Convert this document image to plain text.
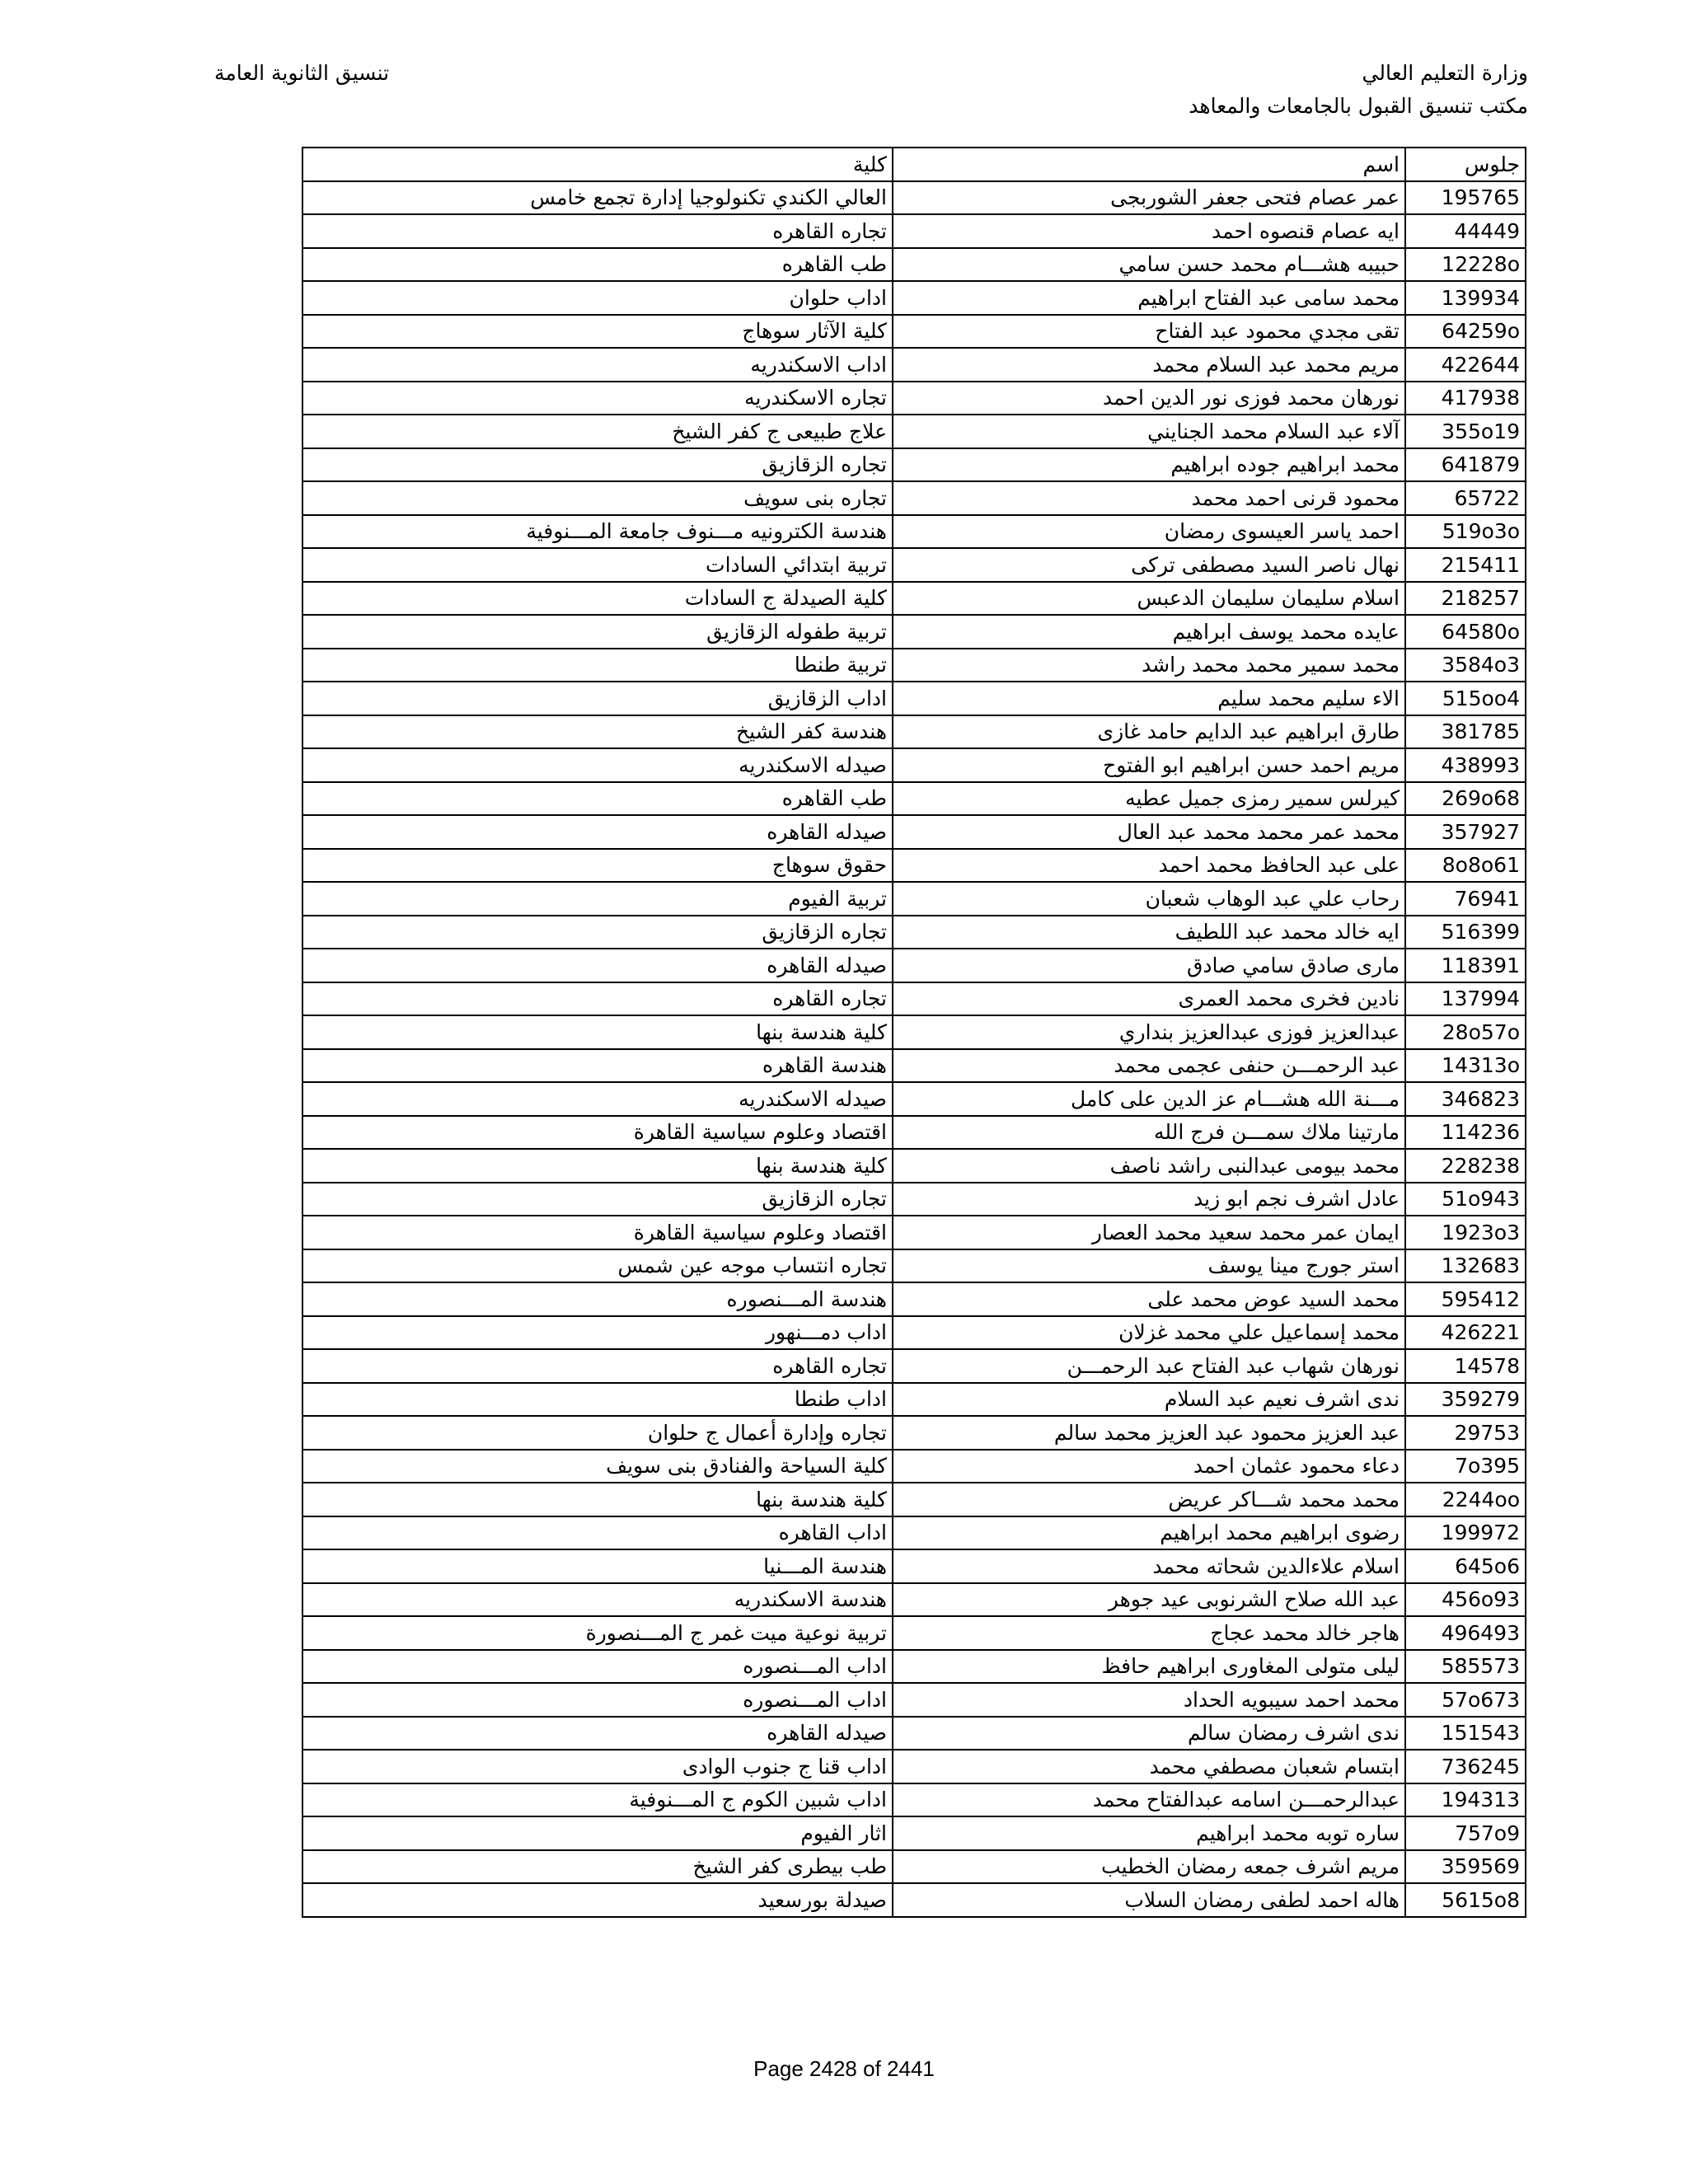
وزارة التعليم العالي
مكتب تنسيق القبول بالجامعات والمعاهد
تنسيق الثانوية العامة
جلوس	اسم	كلية
195765	عمر عصام فتحى جعفر الشوربجى	العالي الكندي تكنولوجيا إدارة تجمع خامس
44449	ايه عصام قنصوه احمد	تجاره القاهره
12228o	حبيبه هشـــام محمد حسن سامي	طب القاهره
139934	محمد سامى عبد الفتاح ابراهيم	اداب حلوان
64259o	تقى مجدي محمود عبد الفتاح	كلية الآثار سوهاج
422644	مريم محمد عبد السلام محمد	اداب الاسكندريه
417938	نورهان محمد فوزى نور الدين احمد	تجاره الاسكندريه
355o19	آلاء عبد السلام محمد الجنايني	علاج طبيعى ج كفر الشيخ
641879	محمد ابراهيم جوده ابراهيم	تجاره الزقازيق
65722	محمود قرنى احمد محمد	تجاره بنى سويف
519o3o	احمد ياسر العيسوى رمضان	هندسة الكترونيه مـــنوف جامعة المـــنوفية
215411	نهال ناصر السيد مصطفى تركى	تربية ابتدائي السادات
218257	اسلام سليمان سليمان الدعبس	كلية الصيدلة ج السادات
64580o	عايده محمد يوسف ابراهيم	تربية طفوله الزقازيق
3584o3	محمد سمير محمد محمد راشد	تربية طنطا
515oo4	الاء سليم محمد سليم	اداب الزقازيق
381785	طارق ابراهيم عبد الدايم حامد غازى	هندسة كفر الشيخ
438993	مريم احمد حسن ابراهيم ابو الفتوح	صيدله الاسكندريه
269o68	كيرلس سمير رمزى جميل عطيه	طب القاهره
357927	محمد عمر محمد محمد عبد العال	صيدله القاهره
8o8o61	على عبد الحافظ محمد احمد	حقوق سوهاج
76941	رحاب علي عبد الوهاب شعبان	تربية الفيوم
516399	ايه خالد محمد عبد اللطيف	تجاره الزقازيق
118391	مارى صادق سامي صادق	صيدله القاهره
137994	نادين فخرى محمد العمرى	تجاره القاهره
28o57o	عبدالعزيز فوزى عبدالعزيز بنداري	كلية هندسة بنها
14313o	عبد الرحمـــن حنفى عجمى محمد	هندسة القاهره
346823	مـــنة الله هشـــام عز الدين على كامل	صيدله الاسكندريه
114236	مارتينا ملاك سمـــن فرج الله	اقتصاد وعلوم سياسية القاهرة
228238	محمد بيومى عبدالنبى راشد ناصف	كلية هندسة بنها
51o943	عادل اشرف نجم ابو زيد	تجاره الزقازيق
1923o3	ايمان عمر محمد سعيد محمد العصار	اقتصاد وعلوم سياسية القاهرة
132683	استر جورج مينا يوسف	تجاره انتساب موجه عين شمس
595412	محمد السيد عوض محمد على	هندسة المـــنصوره
426221	محمد إسماعيل علي محمد غزلان	اداب دمـــنهور
14578	نورهان شهاب عبد الفتاح عبد الرحمـــن	تجاره القاهره
359279	ندى اشرف نعيم عبد السلام	اداب طنطا
29753	عبد العزيز محمود عبد العزيز محمد سالم	تجاره وإدارة أعمال ج حلوان
7o395	دعاء محمود عثمان احمد	كلية السياحة والفنادق بنى سويف
2244oo	محمد محمد شـــاكر عريض	كلية هندسة بنها
199972	رضوى ابراهيم محمد ابراهيم	اداب القاهره
645o6	اسلام علاءالدين شحاته محمد	هندسة المـــنيا
456o93	عبد الله صلاح الشرنوبى عيد جوهر	هندسة الاسكندريه
496493	هاجر خالد محمد عجاج	تربية نوعية ميت غمر ج المـــنصورة
585573	ليلى متولى المغاورى ابراهيم حافظ	اداب المـــنصوره
57o673	محمد احمد سيبويه الحداد	اداب المـــنصوره
151543	ندى اشرف رمضان سالم	صيدله القاهره
736245	ابتسام شعبان مصطفي محمد	اداب قنا ج جنوب الوادى
194313	عبدالرحمـــن اسامه عبدالفتاح محمد	اداب شبين الكوم ج المـــنوفية
757o9	ساره توبه محمد ابراهيم	اثار الفيوم
359569	مريم اشرف جمعه رمضان الخطيب	طب بيطرى كفر الشيخ
5615o8	هاله احمد لطفى رمضان السلاب	صيدلة بورسعيد
Page 2428 of 2441
